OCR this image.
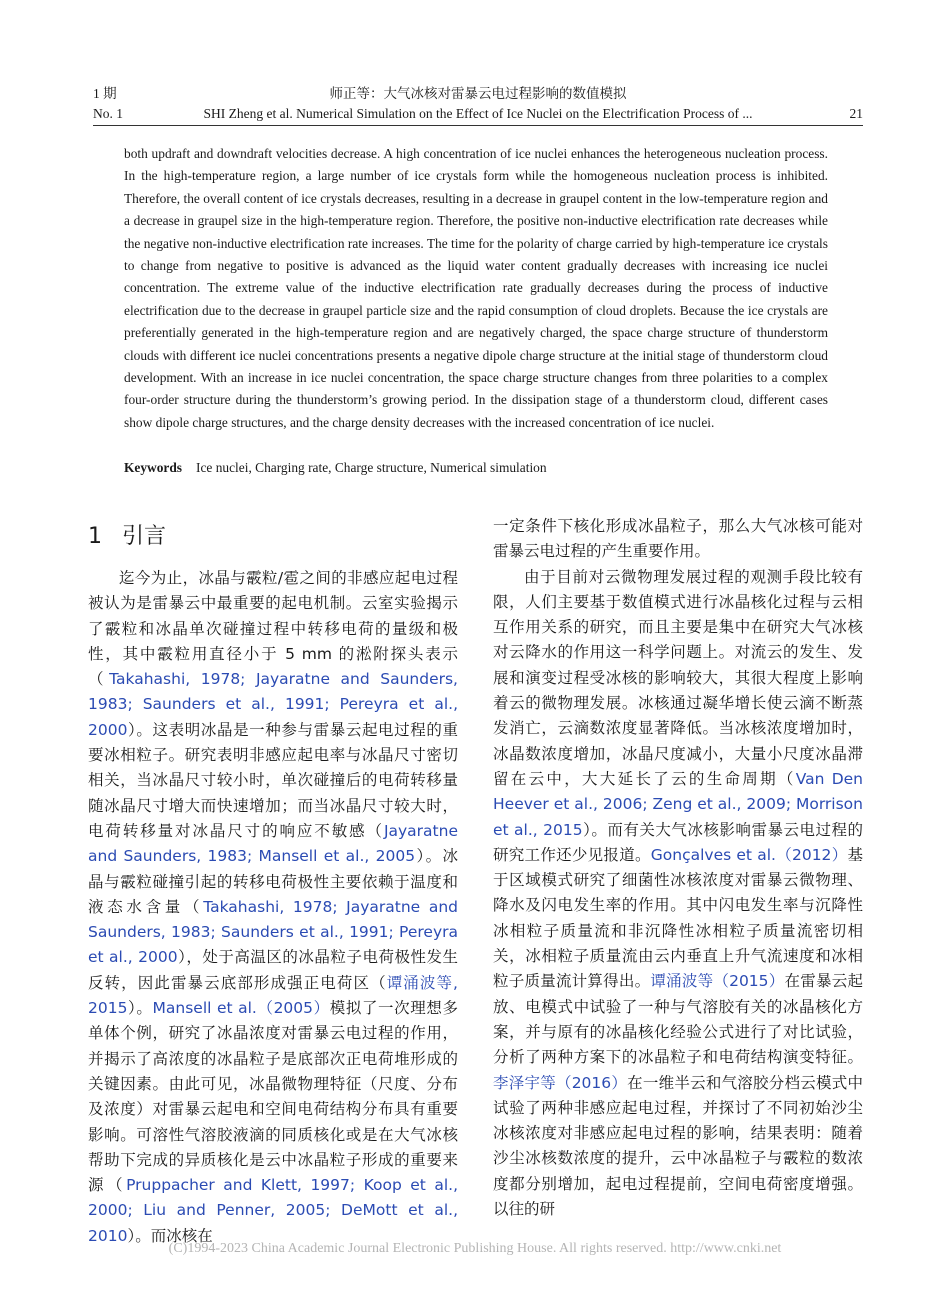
1 期	师正等：大气冰核对雷暴云电过程影响的数值模拟
No. 1	SHI Zheng et al. Numerical Simulation on the Effect of Ice Nuclei on the Electrification Process of ...	21

both updraft and downdraft velocities decrease. A high concentration of ice nuclei enhances the heterogeneous nucleation process. In the high-temperature region, a large number of ice crystals form while the homogeneous nucleation process is inhibited. Therefore, the overall content of ice crystals decreases, resulting in a decrease in graupel content in the low-temperature region and a decrease in graupel size in the high-temperature region. Therefore, the positive non-inductive electrification rate decreases while the negative non-inductive electrification rate increases. The time for the polarity of charge carried by high-temperature ice crystals to change from negative to positive is advanced as the liquid water content gradually decreases with increasing ice nuclei concentration. The extreme value of the inductive electrification rate gradually decreases during the process of inductive electrification due to the decrease in graupel particle size and the rapid consumption of cloud droplets. Because the ice crystals are preferentially generated in the high-temperature region and are negatively charged, the space charge structure of thunderstorm clouds with different ice nuclei concentrations presents a negative dipole charge structure at the initial stage of thunderstorm cloud development. With an increase in ice nuclei concentration, the space charge structure changes from three polarities to a complex four-order structure during the thunderstorm’s growing period. In the dissipation stage of a thunderstorm cloud, different cases show dipole charge structures, and the charge density decreases with the increased concentration of ice nuclei.

Keywords Ice nuclei, Charging rate, Charge structure, Numerical simulation
1 引言

迄今为止，冰晶与霰粒/雹之间的非感应起电过程被认为是雷暴云中最重要的起电机制。云室实验揭示了霰粒和冰晶单次碰撞过程中转移电荷的量级和极性，其中霰粒用直径小于 5 mm 的淞附探头表示（Takahashi, 1978; Jayaratne and Saunders, 1983; Saunders et al., 1991; Pereyra et al., 2000）。这表明冰晶是一种参与雷暴云起电过程的重要冰相粒子。研究表明非感应起电率与冰晶尺寸密切相关，当冰晶尺寸较小时，单次碰撞后的电荷转移量随冰晶尺寸增大而快速增加；而当冰晶尺寸较大时，电荷转移量对冰晶尺寸的响应不敏感（Jayaratne and Saunders, 1983; Mansell et al., 2005）。冰晶与霰粒碰撞引起的转移电荷极性主要依赖于温度和液态水含量（Takahashi, 1978; Jayaratne and Saunders, 1983; Saunders et al., 1991; Pereyra et al., 2000），处于高温区的冰晶粒子电荷极性发生反转，因此雷暴云底部形成强正电荷区（谭涌波等, 2015）。Mansell et al.（2005）模拟了一次理想多单体个例，研究了冰晶浓度对雷暴云电过程的作用，并揭示了高浓度的冰晶粒子是底部次正电荷堆形成的关键因素。由此可见，冰晶微物理特征（尺度、分布及浓度）对雷暴云起电和空间电荷结构分布具有重要影响。可溶性气溶胶液滴的同质核化或是在大气冰核帮助下完成的异质核化是云中冰晶粒子形成的重要来源（Pruppacher and Klett, 1997; Koop et al., 2000; Liu and Penner, 2005; DeMott et al., 2010）。而冰核在

一定条件下核化形成冰晶粒子，那么大气冰核可能对雷暴云电过程的产生重要作用。

由于目前对云微物理发展过程的观测手段比较有限，人们主要基于数值模式进行冰晶核化过程与云相互作用关系的研究，而且主要是集中在研究大气冰核对云降水的作用这一科学问题上。对流云的发生、发展和演变过程受冰核的影响较大，其很大程度上影响着云的微物理发展。冰核通过凝华增长使云滴不断蒸发消亡，云滴数浓度显著降低。当冰核浓度增加时，冰晶数浓度增加，冰晶尺度减小，大量小尺度冰晶滞留在云中，大大延长了云的生命周期（Van Den Heever et al., 2006; Zeng et al., 2009; Morrison et al., 2015）。而有关大气冰核影响雷暴云电过程的研究工作还少见报道。Gonçalves et al.（2012）基于区域模式研究了细菌性冰核浓度对雷暴云微物理、降水及闪电发生率的作用。其中闪电发生率与沉降性冰相粒子质量流和非沉降性冰相粒子质量流密切相关，冰相粒子质量流由云内垂直上升气流速度和冰相粒子质量流计算得出。谭涌波等（2015）在雷暴云起放、电模式中试验了一种与气溶胶有关的冰晶核化方案，并与原有的冰晶核化经验公式进行了对比试验，分析了两种方案下的冰晶粒子和电荷结构演变特征。李泽宇等（2016）在一维半云和气溶胶分档云模式中试验了两种非感应起电过程，并探讨了不同初始沙尘冰核浓度对非感应起电过程的影响，结果表明：随着沙尘冰核数浓度的提升，云中冰晶粒子与霰粒的数浓度都分别增加，起电过程提前，空间电荷密度增强。以往的研

(C)1994-2023 China Academic Journal Electronic Publishing House. All rights reserved. http://www.cnki.net
